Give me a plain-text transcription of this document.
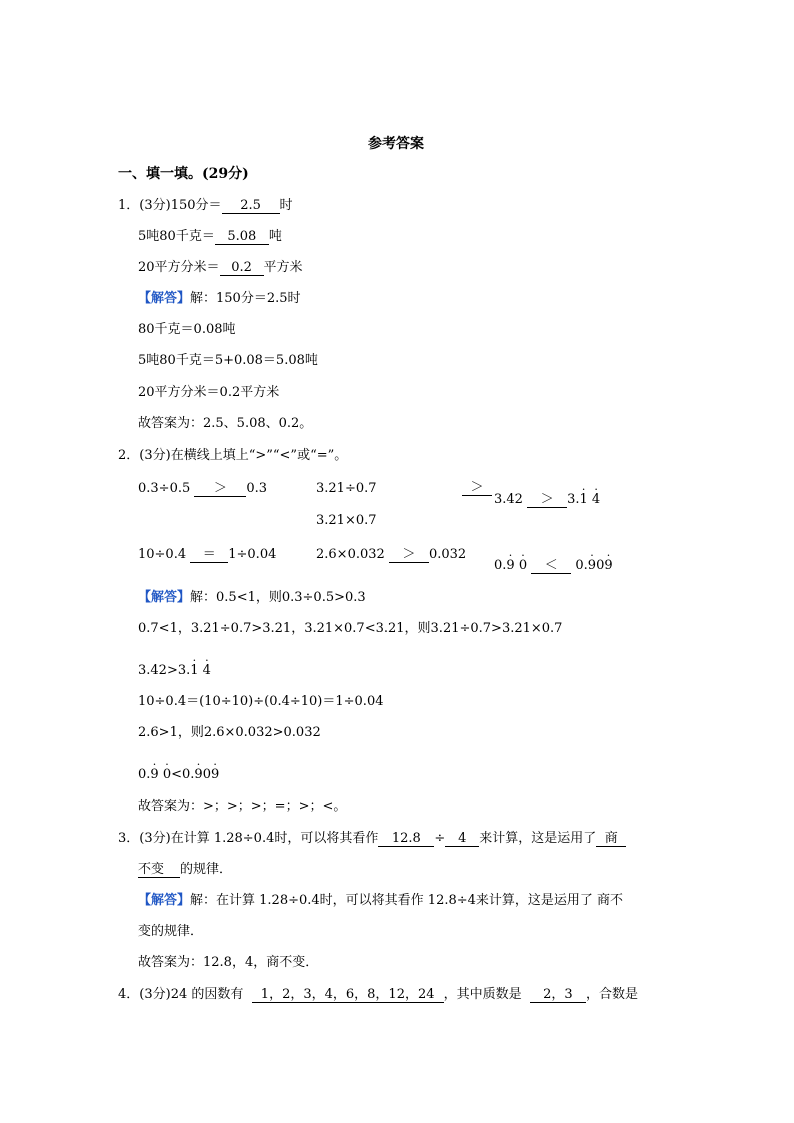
参考答案
一、填一填。(29分)
1．(3分)150分＝ 2.5 时
5吨80千克＝ 5.08 吨
20平方分米＝ 0.2 平方米
【解答】解：150分＝2.5时
80千克＝0.08吨
5吨80千克＝5+0.08＝5.08吨
20平方分米＝0.2平方米
故答案为：2.5、5.08、0.2。
2．(3分)在横线上填上“>”“<”或“=”。
0.3÷0.5 ＞ 0.3	3.21÷0.7
3.21×0.7
＞
3.42 ＞ 3.· 1 · 4
10÷0.4 ＝ 1÷0.04	2.6×0.032 ＞ 0.032
0.· 9 · 0 ＜ 0.· 90· 9
【解答】解：0.5<1，则0.3÷0.5>0.3
0.7<1，3.21÷0.7>3.21，3.21×0.7<3.21，则3.21÷0.7>3.21×0.7
3.42>3.· 1 · 4
10÷0.4＝(10÷10)÷(0.4÷10)＝1÷0.04
2.6>1，则2.6×0.032>0.032
0.· 9 · 0<0.· 90· 9
故答案为：>；>；>；=；>；<。
3．(3分)在计算 1.28÷0.4时，可以将其看作 12.8 ÷ 4 来计算，这是运用了 商
不变 的规律．
【解答】解：在计算 1.28÷0.4时，可以将其看作 12.8÷4来计算，这是运用了 商不
变的规律．
故答案为：12.8，4，商不变．
4．(3分)24 的因数有 1，2，3，4，6，8，12，24 ，其中质数是 2，3 ，合数是
